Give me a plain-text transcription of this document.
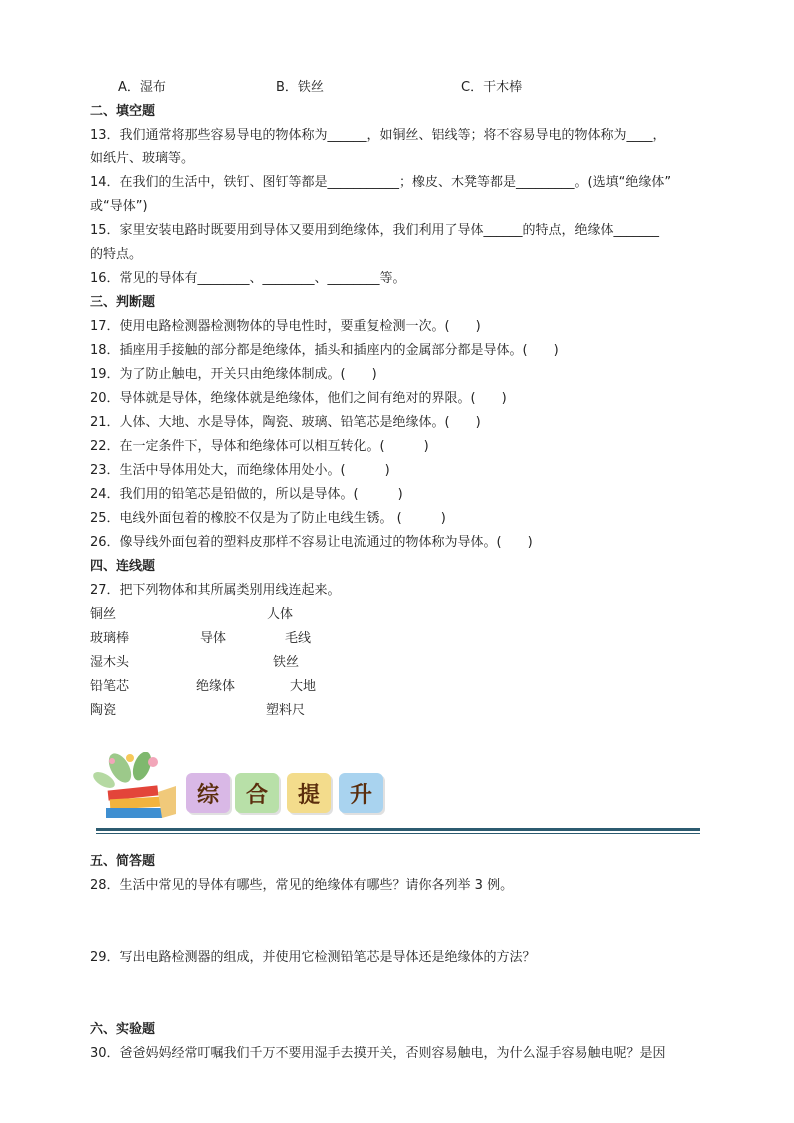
A．湿布	B．铁丝	C．干木棒
二、填空题
13．我们通常将那些容易导电的物体称为______，如铜丝、铝线等；将不容易导电的物体称为____，
如纸片、玻璃等。
14．在我们的生活中，铁钉、图钉等都是___________；橡皮、木凳等都是_________。(选填“绝缘体”
或“导体”)
15．家里安装电路时既要用到导体又要用到绝缘体，我们利用了导体______的特点，绝缘体_______
的特点。
16．常见的导体有________、________、________等。
三、判断题
17．使用电路检测器检测物体的导电性时，要重复检测一次。(　　)
18．插座用手接触的部分都是绝缘体，插头和插座内的金属部分都是导体。(　　)
19．为了防止触电，开关只由绝缘体制成。(　　)
20．导体就是导体，绝缘体就是绝缘体，他们之间有绝对的界限。(　　)
21．人体、大地、水是导体，陶瓷、玻璃、铅笔芯是绝缘体。(　　)
22．在一定条件下，导体和绝缘体可以相互转化。(　　　)
23．生活中导体用处大，而绝缘体用处小。(　　　)
24．我们用的铅笔芯是铅做的，所以是导体。(　　　)
25．电线外面包着的橡胶不仅是为了防止电线生锈。 (　　　)
26．像导线外面包着的塑料皮那样不容易让电流通过的物体称为导体。(　　)
四、连线题
27．把下列物体和其所属类别用线连起来。
铜丝
玻璃棒
湿木头
铅笔芯
陶瓷
导体
绝缘体
人体
毛线
铁丝
大地
塑料尺
综	合	提	升
五、简答题
28．生活中常见的导体有哪些，常见的绝缘体有哪些？请你各列举 3 例。
29．写出电路检测器的组成，并使用它检测铅笔芯是导体还是绝缘体的方法？
六、实验题
30．爸爸妈妈经常叮嘱我们千万不要用湿手去摸开关，否则容易触电，为什么湿手容易触电呢？是因
